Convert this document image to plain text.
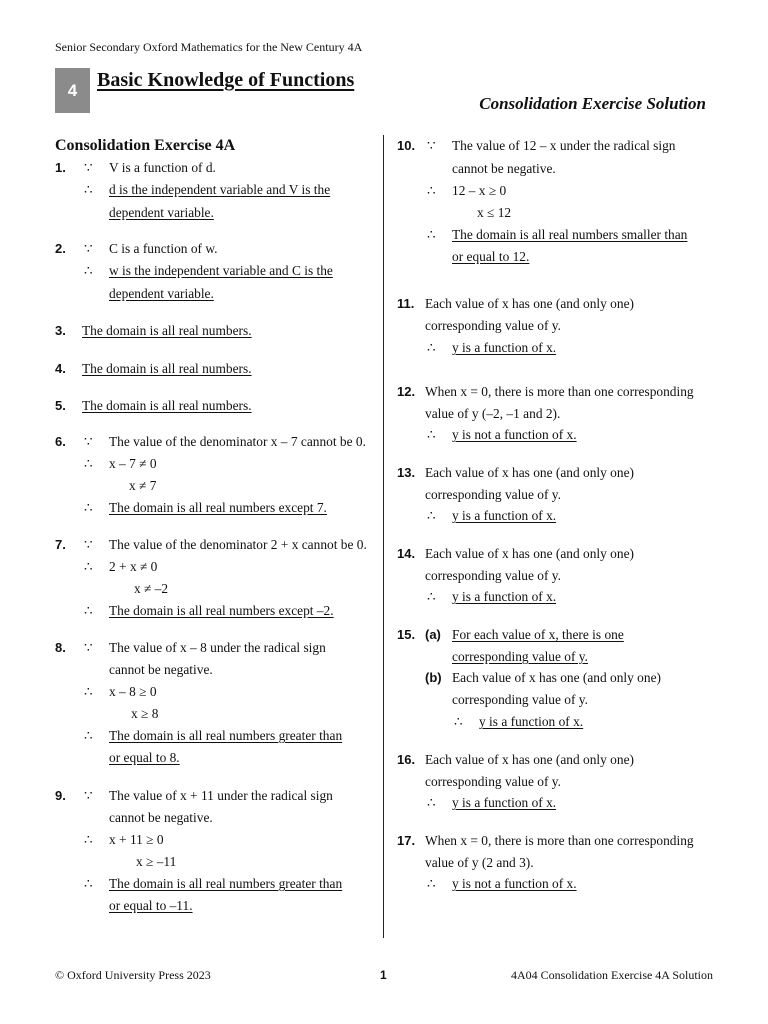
Senior Secondary Oxford Mathematics for the New Century 4A
4 Basic Knowledge of Functions
Consolidation Exercise Solution
Consolidation Exercise 4A
1. ∵ V is a function of d.
∴ d is the independent variable and V is the
dependent variable.
2. ∵ C is a function of w.
∴ w is the independent variable and C is the
dependent variable.
3. The domain is all real numbers.
4. The domain is all real numbers.
5. The domain is all real numbers.
6. ∵ The value of the denominator x – 7 cannot be 0.
∴ x – 7 ≠ 0
x ≠ 7
∴ The domain is all real numbers except 7.
7. ∵ The value of the denominator 2 + x cannot be 0.
∴ 2 + x ≠ 0
x ≠ –2
∴ The domain is all real numbers except –2.
8. ∵ The value of x – 8 under the radical sign
cannot be negative.
∴ x – 8 ≥ 0
x ≥ 8
∴ The domain is all real numbers greater than
or equal to 8.
9. ∵ The value of x + 11 under the radical sign
cannot be negative.
∴ x + 11 ≥ 0
x ≥ –11
∴ The domain is all real numbers greater than
or equal to –11.
10. ∵ The value of 12 – x under the radical sign
cannot be negative.
∴ 12 – x ≥ 0
x ≤ 12
∴ The domain is all real numbers smaller than
or equal to 12.
11. Each value of x has one (and only one)
corresponding value of y.
∴ y is a function of x.
12. When x = 0, there is more than one corresponding
value of y (–2, –1 and 2).
∴ y is not a function of x.
13. Each value of x has one (and only one)
corresponding value of y.
∴ y is a function of x.
14. Each value of x has one (and only one)
corresponding value of y.
∴ y is a function of x.
15. (a) For each value of x, there is one
corresponding value of y.
(b) Each value of x has one (and only one)
corresponding value of y.
∴ y is a function of x.
16. Each value of x has one (and only one)
corresponding value of y.
∴ y is a function of x.
17. When x = 0, there is more than one corresponding
value of y (2 and 3).
∴ y is not a function of x.
© Oxford University Press 2023	1	4A04 Consolidation Exercise 4A Solution
